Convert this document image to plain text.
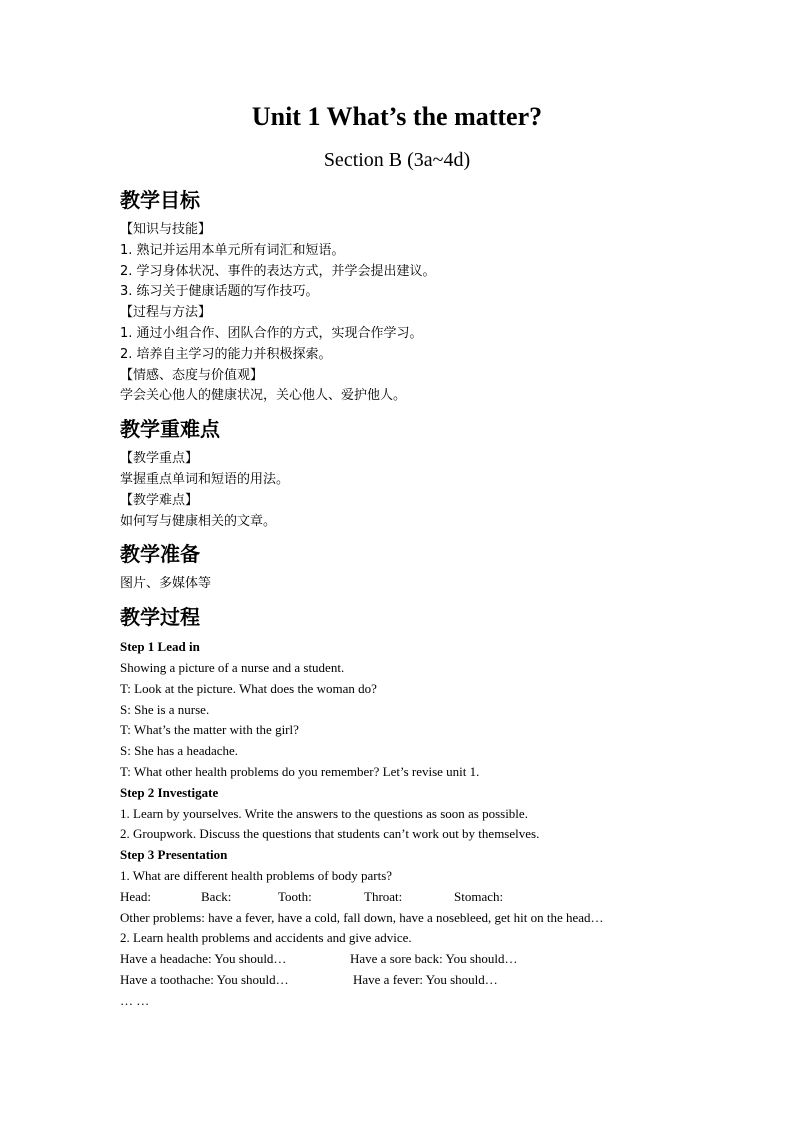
Unit 1 What’s the matter?
Section B (3a~4d)

教学目标

【知识与技能】

1. 熟记并运用本单元所有词汇和短语。

2. 学习身体状况、事件的表达方式，并学会提出建议。

3. 练习关于健康话题的写作技巧。

【过程与方法】

1. 通过小组合作、团队合作的方式，实现合作学习。

2. 培养自主学习的能力并积极探索。

【情感、态度与价值观】

学会关心他人的健康状况，关心他人、爱护他人。

教学重难点

【教学重点】

掌握重点单词和短语的用法。

【教学难点】

如何写与健康相关的文章。

教学准备

图片、多媒体等

教学过程

Step 1 Lead in

Showing a picture of a nurse and a student.

T: Look at the picture. What does the woman do?

S: She is a nurse.

T: What’s the matter with the girl?

S: She has a headache.

T: What other health problems do you remember? Let’s revise unit 1.

Step 2 Investigate

1. Learn by yourselves. Write the answers to the questions as soon as possible.

2. Groupwork. Discuss the questions that students can’t work out by themselves.

Step 3 Presentation

1. What are different health problems of body parts?

Head:	Back:	Tooth:	Throat:	Stomach:

Other problems: have a fever, have a cold, fall down, have a nosebleed, get hit on the head…

2. Learn health problems and accidents and give advice.

Have a headache: You should…	Have a sore back: You should…
Have a toothache: You should…	Have a fever: You should…

… …
